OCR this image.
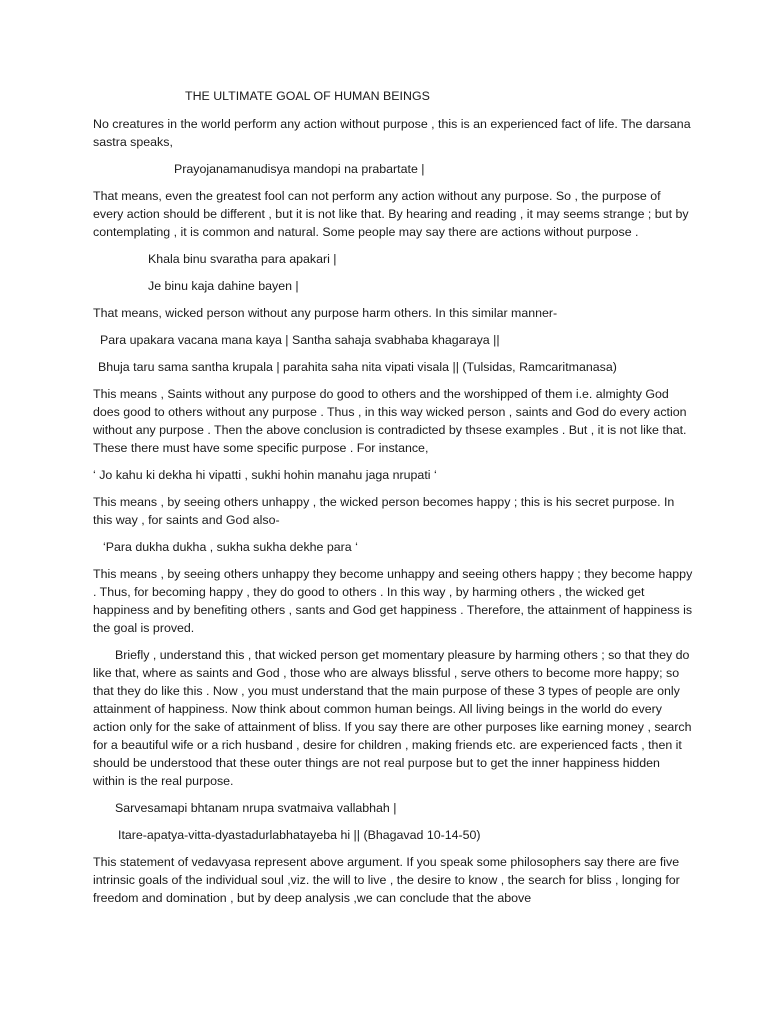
THE ULTIMATE GOAL OF HUMAN BEINGS

No creatures in the world perform any action without purpose , this is an experienced fact of life. The darsana sastra speaks,

Prayojanamanudisya mandopi na prabartate |

That means, even the greatest fool can not perform any action without any purpose. So , the purpose of every action should be different , but it is not like that. By hearing and reading , it may seems strange ; but by contemplating , it is common and natural. Some people may say there are actions without purpose .

Khala binu svaratha para apakari |

Je binu kaja dahine bayen |

That means, wicked person without any purpose harm others. In this similar manner-

Para upakara vacana mana kaya | Santha sahaja svabhaba khagaraya ||

Bhuja taru sama santha krupala | parahita saha nita vipati visala || (Tulsidas, Ramcaritmanasa)

This means , Saints without any purpose do good to others and the worshipped of them i.e. almighty God does good to others without any purpose . Thus , in this way wicked person , saints and God do every action without any purpose . Then the above conclusion is contradicted by thsese examples . But , it is not like that. These there must have some specific purpose . For instance,

‘ Jo kahu ki dekha hi vipatti , sukhi hohin manahu jaga nrupati ‘

This means , by seeing others unhappy , the wicked person becomes happy ; this is his secret purpose. In this way , for saints and God also-

‘Para dukha dukha , sukha sukha dekhe para ‘

This means , by seeing others unhappy they become unhappy and seeing others happy ; they become happy . Thus, for becoming happy , they do good to others . In this way , by harming others , the wicked get happiness and by benefiting others , sants and God get happiness . Therefore, the attainment of happiness is the goal is proved.

Briefly , understand this , that wicked person get momentary pleasure by harming others ; so that they do like that, where as saints and God , those who are always blissful , serve others to become more happy; so that they do like this . Now , you must understand that the main purpose of these 3 types of people are only attainment of happiness. Now think about common human beings. All living beings in the world do every action only for the sake of attainment of bliss. If you say there are other purposes like earning money , search for a beautiful wife or a rich husband , desire for children , making friends etc. are experienced facts , then it should be understood that these outer things are not real purpose but to get the inner happiness hidden within is the real purpose.

Sarvesamapi bhtanam nrupa svatmaiva vallabhah |

Itare-apatya-vitta-dyastadurlabhatayeba hi || (Bhagavad 10-14-50)

This statement of vedavyasa represent above argument. If you speak some philosophers say there are five intrinsic goals of the individual soul ,viz. the will to live , the desire to know , the search for bliss , longing for freedom and domination , but by deep analysis ,we can conclude that the above
